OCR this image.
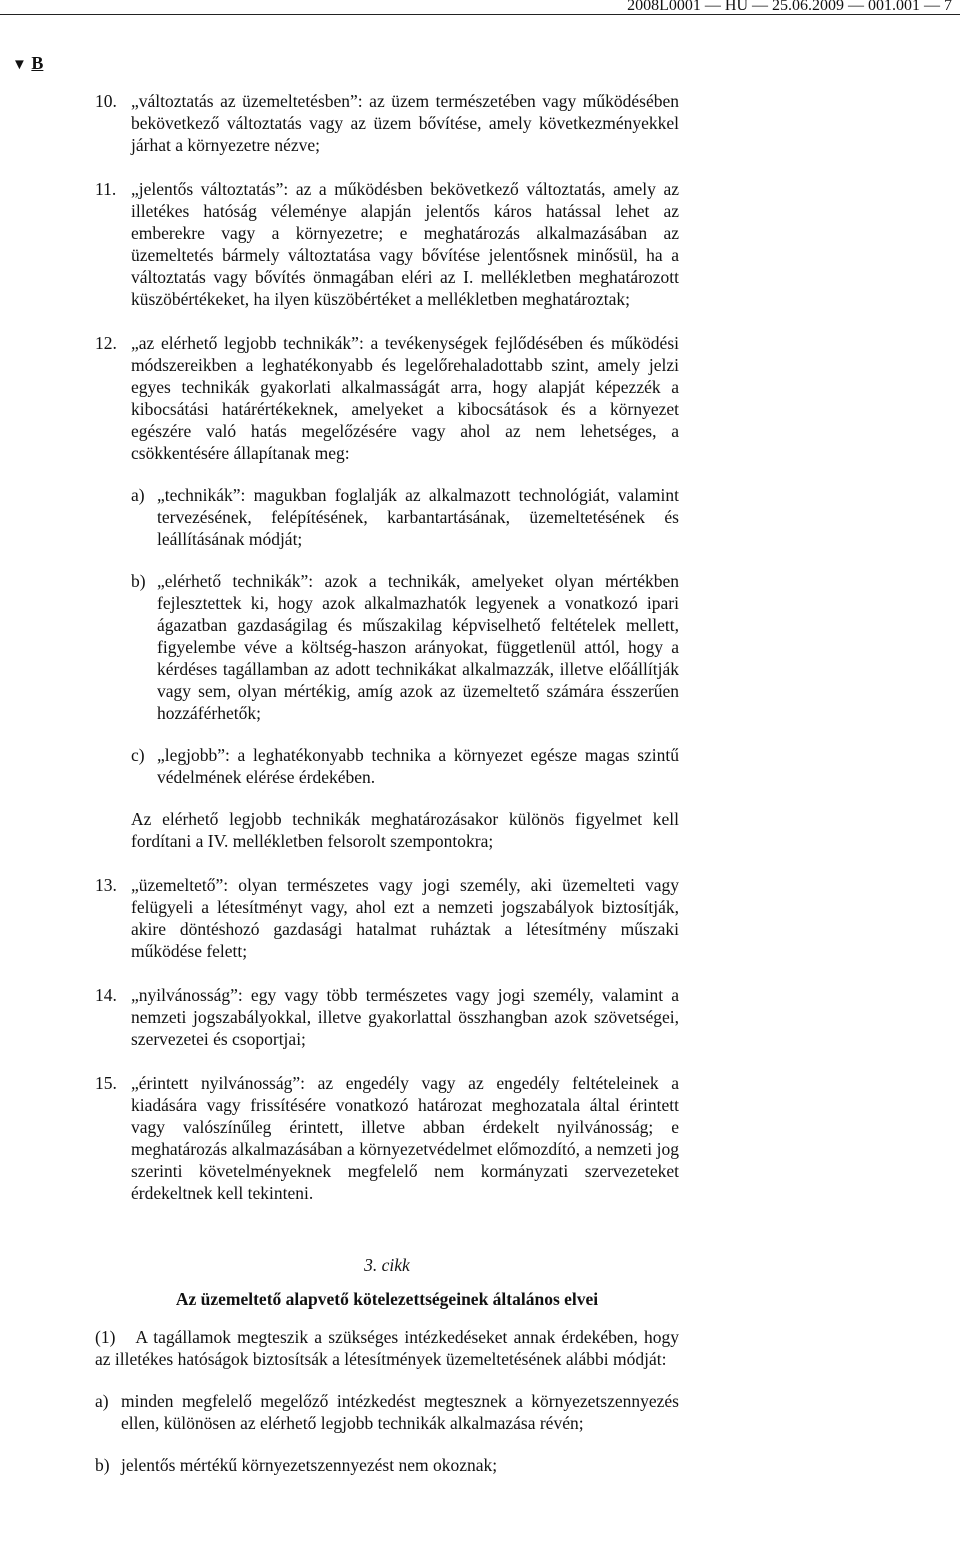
2008L0001 — HU — 25.06.2009 — 001.001 — 7
▼ B
10. „változtatás az üzemeltetésben”: az üzem természetében vagy működésében bekövetkező változtatás vagy az üzem bővítése, amely következményekkel járhat a környezetre nézve;

11. „jelentős változtatás”: az a működésben bekövetkező változtatás, amely az illetékes hatóság véleménye alapján jelentős káros hatással lehet az emberekre vagy a környezetre; e meghatározás alkalmazásában az üzemeltetés bármely változtatása vagy bővítése jelentősnek minősül, ha a változtatás vagy bővítés önmagában eléri az I. mellékletben meghatározott küszöbértékeket, ha ilyen küszöbértéket a mellékletben meghatároztak;

12. „az elérhető legjobb technikák”: a tevékenységek fejlődésében és működési módszereikben a leghatékonyabb és legelőrehaladottabb szint, amely jelzi egyes technikák gyakorlati alkalmasságát arra, hogy alapját képezzék a kibocsátási határértékeknek, amelyeket a kibocsátások és a környezet egészére való hatás megelőzésére vagy ahol az nem lehetséges, a csökkentésére állapítanak meg:

a) „technikák”: magukban foglalják az alkalmazott technológiát, valamint tervezésének, felépítésének, karbantartásának, üzemeltetésének és leállításának módját;

b) „elérhető technikák”: azok a technikák, amelyeket olyan mértékben fejlesztettek ki, hogy azok alkalmazhatók legyenek a vonatkozó ipari ágazatban gazdaságilag és műszakilag képviselhető feltételek mellett, figyelembe véve a költség-haszon arányokat, függetlenül attól, hogy a kérdéses tagállamban az adott technikákat alkalmazzák, illetve előállítják vagy sem, olyan mértékig, amíg azok az üzemeltető számára ésszerűen hozzáférhetők;

c) „legjobb”: a leghatékonyabb technika a környezet egésze magas szintű védelmének elérése érdekében.

Az elérhető legjobb technikák meghatározásakor különös figyelmet kell fordítani a IV. mellékletben felsorolt szempontokra;

13. „üzemeltető”: olyan természetes vagy jogi személy, aki üzemelteti vagy felügyeli a létesítményt vagy, ahol ezt a nemzeti jogszabályok biztosítják, akire döntéshozó gazdasági hatalmat ruháztak a létesítmény műszaki működése felett;

14. „nyilvánosság”: egy vagy több természetes vagy jogi személy, valamint a nemzeti jogszabályokkal, illetve gyakorlattal összhangban azok szövetségei, szervezetei és csoportjai;

15. „érintett nyilvánosság”: az engedély vagy az engedély feltételeinek a kiadására vagy frissítésére vonatkozó határozat meghozatala által érintett vagy valószínűleg érintett, illetve abban érdekelt nyilvánosság; e meghatározás alkalmazásában a környezetvédelmet előmozdító, a nemzeti jog szerinti követelményeknek megfelelő nem kormányzati szervezeteket érdekeltnek kell tekinteni.

3. cikk
Az üzemeltető alapvető kötelezettségeinek általános elvei

(1) A tagállamok megteszik a szükséges intézkedéseket annak érdekében, hogy az illetékes hatóságok biztosítsák a létesítmények üzemeltetésének alábbi módját:

a) minden megfelelő megelőző intézkedést megtesznek a környezetszennyezés ellen, különösen az elérhető legjobb technikák alkalmazása révén;

b) jelentős mértékű környezetszennyezést nem okoznak;
